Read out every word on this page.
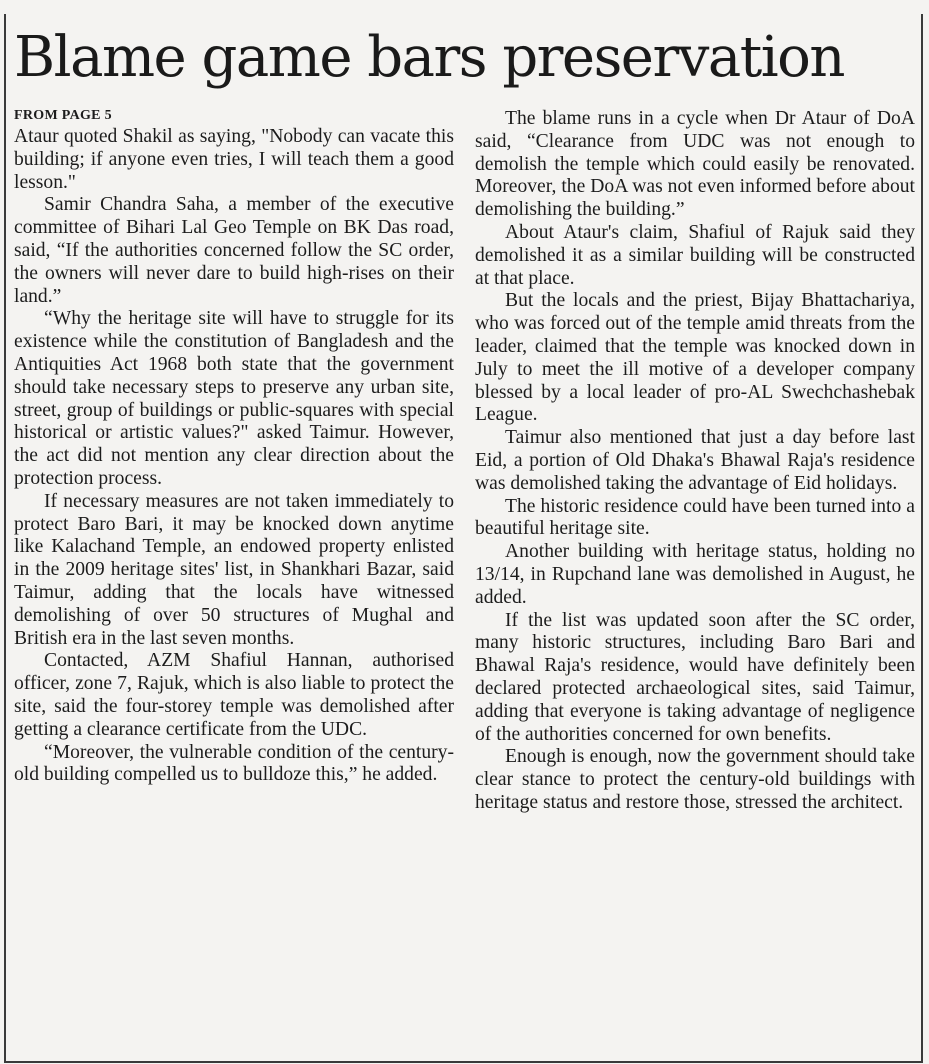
Blame game bars preservation
FROM PAGE 5

Ataur quoted Shakil as saying, "Nobody can vacate this building; if anyone even tries, I will teach them a good lesson."

Samir Chandra Saha, a member of the executive committee of Bihari Lal Geo Temple on BK Das road, said, “If the authorities concerned follow the SC order, the owners will never dare to build high-rises on their land.”

“Why the heritage site will have to struggle for its existence while the constitution of Bangladesh and the Antiquities Act 1968 both state that the government should take necessary steps to preserve any urban site, street, group of buildings or public-squares with special historical or artistic values?" asked Taimur. However, the act did not mention any clear direction about the protection process.

If necessary measures are not taken immediately to protect Baro Bari, it may be knocked down anytime like Kalachand Temple, an endowed property enlisted in the 2009 heritage sites' list, in Shankhari Bazar, said Taimur, adding that the locals have witnessed demolishing of over 50 structures of Mughal and British era in the last seven months.

Contacted, AZM Shafiul Hannan, authorised officer, zone 7, Rajuk, which is also liable to protect the site, said the four-storey temple was demolished after getting a clearance certificate from the UDC.

“Moreover, the vulnerable condition of the century-old building compelled us to bulldoze this,” he added.

The blame runs in a cycle when Dr Ataur of DoA said, “Clearance from UDC was not enough to demolish the temple which could easily be renovated. Moreover, the DoA was not even informed before about demolishing the building.”

About Ataur's claim, Shafiul of Rajuk said they demolished it as a similar building will be constructed at that place.

But the locals and the priest, Bijay Bhattachariya, who was forced out of the temple amid threats from the leader, claimed that the temple was knocked down in July to meet the ill motive of a developer company blessed by a local leader of pro-AL Swechchashebak League.

Taimur also mentioned that just a day before last Eid, a portion of Old Dhaka's Bhawal Raja's residence was demolished taking the advantage of Eid holidays.

The historic residence could have been turned into a beautiful heritage site.

Another building with heritage status, holding no 13/14, in Rupchand lane was demolished in August, he added.

If the list was updated soon after the SC order, many historic structures, including Baro Bari and Bhawal Raja's residence, would have definitely been declared protected archaeological sites, said Taimur, adding that everyone is taking advantage of negligence of the authorities concerned for own benefits.

Enough is enough, now the government should take clear stance to protect the century-old buildings with heritage status and restore those, stressed the architect.
